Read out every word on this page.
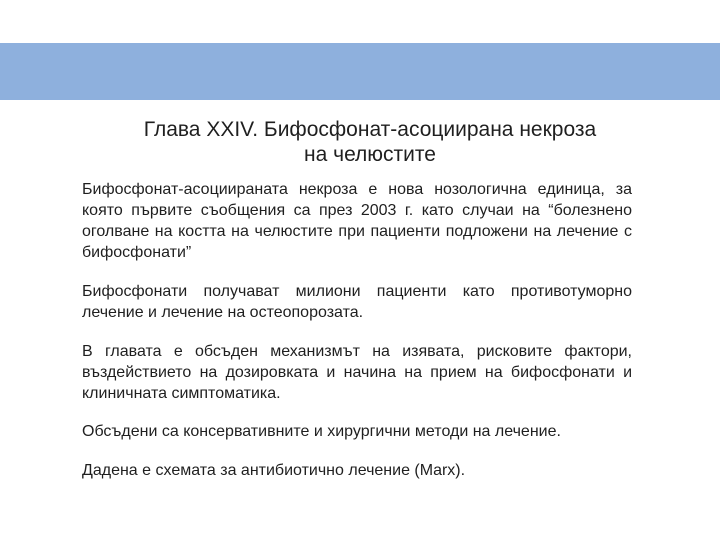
Глава XXIV. Бифосфонат-асоциирана некроза
на челюстите

Бифосфонат-асоциираната некроза е нова нозологична единица, за която първите съобщения са през 2003 г. като случаи на “болезнено оголване на костта на челюстите при пациенти подложени на лечение с бифосфонати”

Бифосфонати получават милиони пациенти като противотуморно лечение и лечение на остеопорозата.

В главата е обсъден механизмът на изявата, рисковите фактори, въздействието на дозировката и начина на прием на бифосфонати и клиничната симптоматика.

Обсъдени са консервативните и хирургични методи на лечение.

Дадена е схемата за антибиотично лечение (Marx).
